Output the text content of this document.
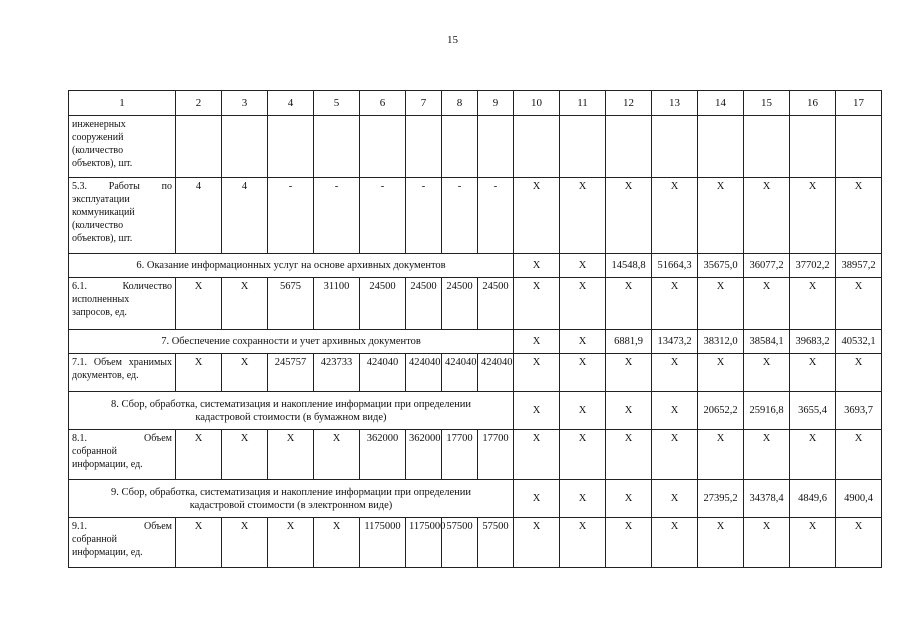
15
1	2	3	4	5	6	7	8	9	10	11	12	13	14	15	16	17

инженерных
сооружений
(количество
объектов), шт.																

5.3. Работы по
эксплуатации
коммуникаций
(количество
объектов), шт.	4	4	-	-	-	-	-	-	X	X	X	X	X	X	X	X

6. Оказание информационных услуг на основе архивных документов									X	X	14548,8	51664,3	35675,0	36077,2	37702,2	38957,2

6.1. Количество
исполненных
запросов, ед.	X	X	5675	31100	24500	24500	24500	24500	X	X	X	X	X	X	X	X

7. Обеспечение сохранности и учет архивных документов									X	X	6881,9	13473,2	38312,0	38584,1	39683,2	40532,1

7.1. Объем хранимых
документов, ед.	X	X	245757	423733	424040	424040	424040	424040	X	X	X	X	X	X	X	X

8. Сбор, обработка, систематизация и накопление информации при определении
кадастровой стоимости (в бумажном виде)									X	X	X	X	20652,2	25916,8	3655,4	3693,7

8.1. Объем
собранной
информации, ед.	X	X	X	X	362000	362000	17700	17700	X	X	X	X	X	X	X	X

9. Сбор, обработка, систематизация и накопление информации при определении
кадастровой стоимости (в электронном виде)									X	X	X	X	27395,2	34378,4	4849,6	4900,4

9.1. Объем
собранной
информации, ед.	X	X	X	X	1175000	1175000	57500	57500	X	X	X	X	X	X	X	X
